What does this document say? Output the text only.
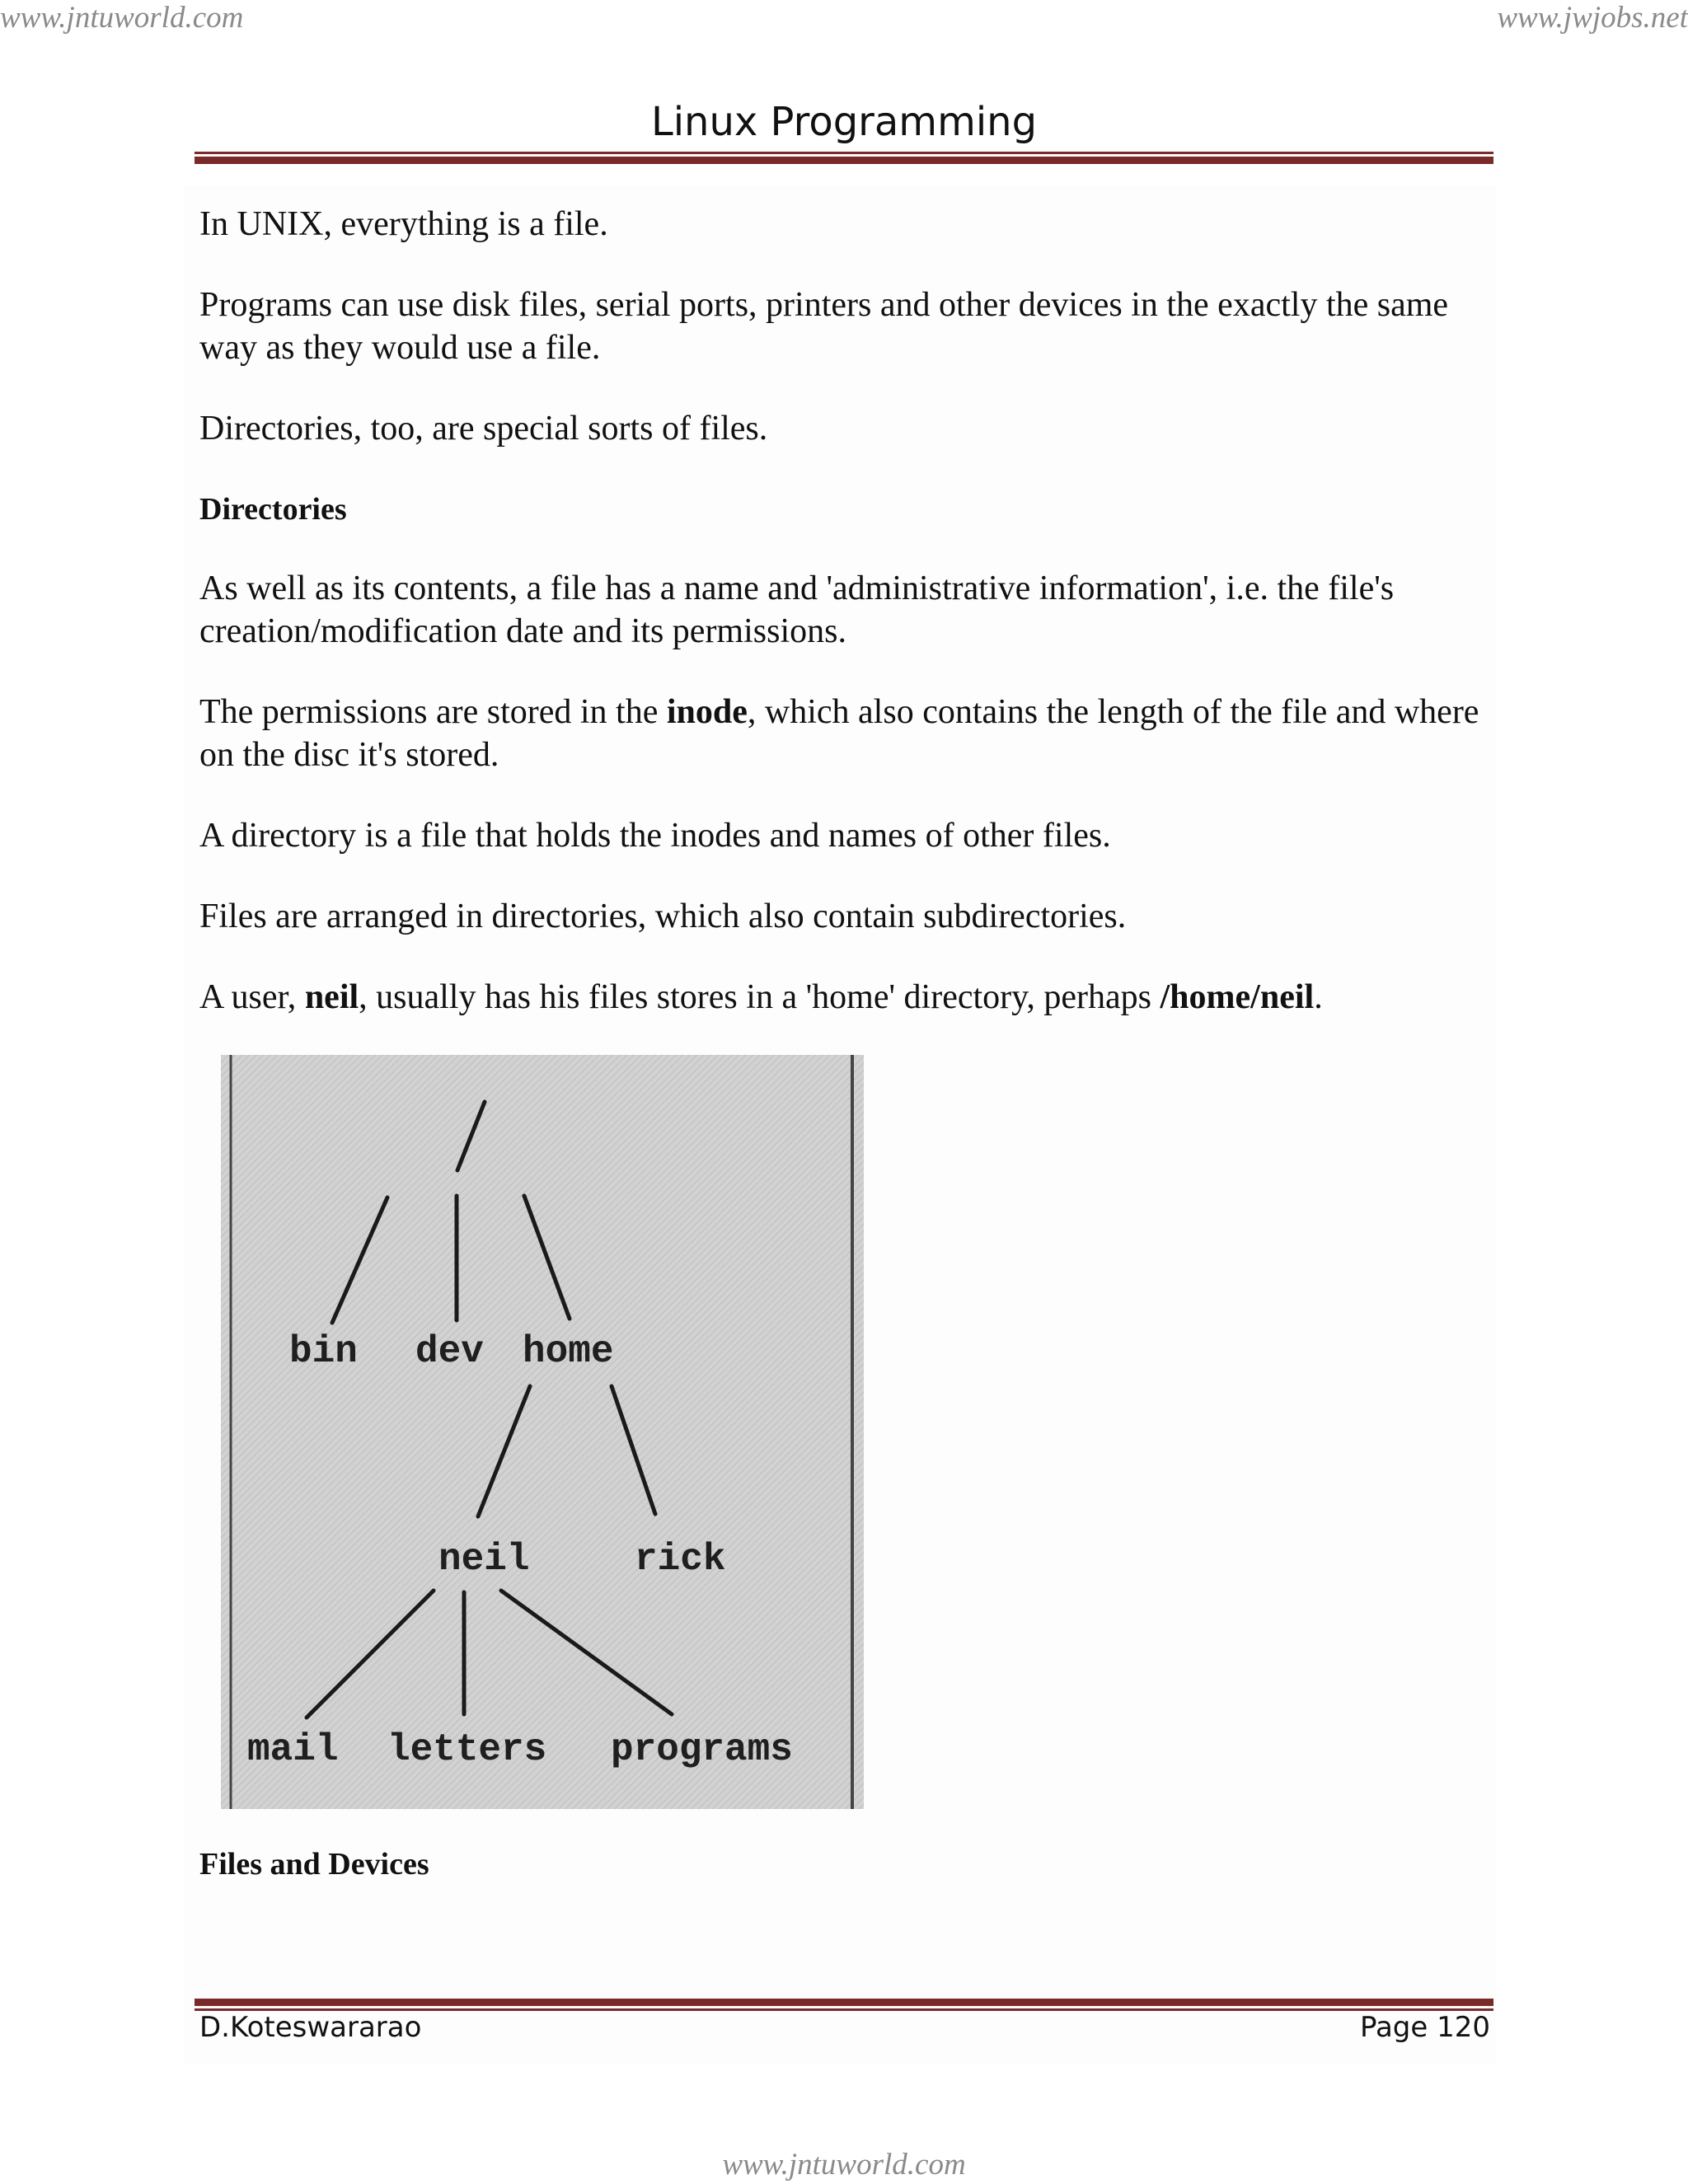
www.jntuworld.com	www.jwjobs.net
Linux Programming
In UNIX, everything is a file.
Programs can use disk files, serial ports, printers and other devices in the exactly the same way as they would use a file.
Directories, too, are special sorts of files.
Directories
As well as its contents, a file has a name and 'administrative information', i.e. the file's creation/modification date and its permissions.
The permissions are stored in the inode, which also contains the length of the file and where on the disc it's stored.
A directory is a file that holds the inodes and names of other files.
Files are arranged in directories, which also contain subdirectories.
A user, neil, usually has his files stores in a 'home' directory, perhaps /home/neil.
bin dev home
neil	rick
mail letters programs
Files and Devices
D.Koteswararao	Page 120
www.jntuworld.com
